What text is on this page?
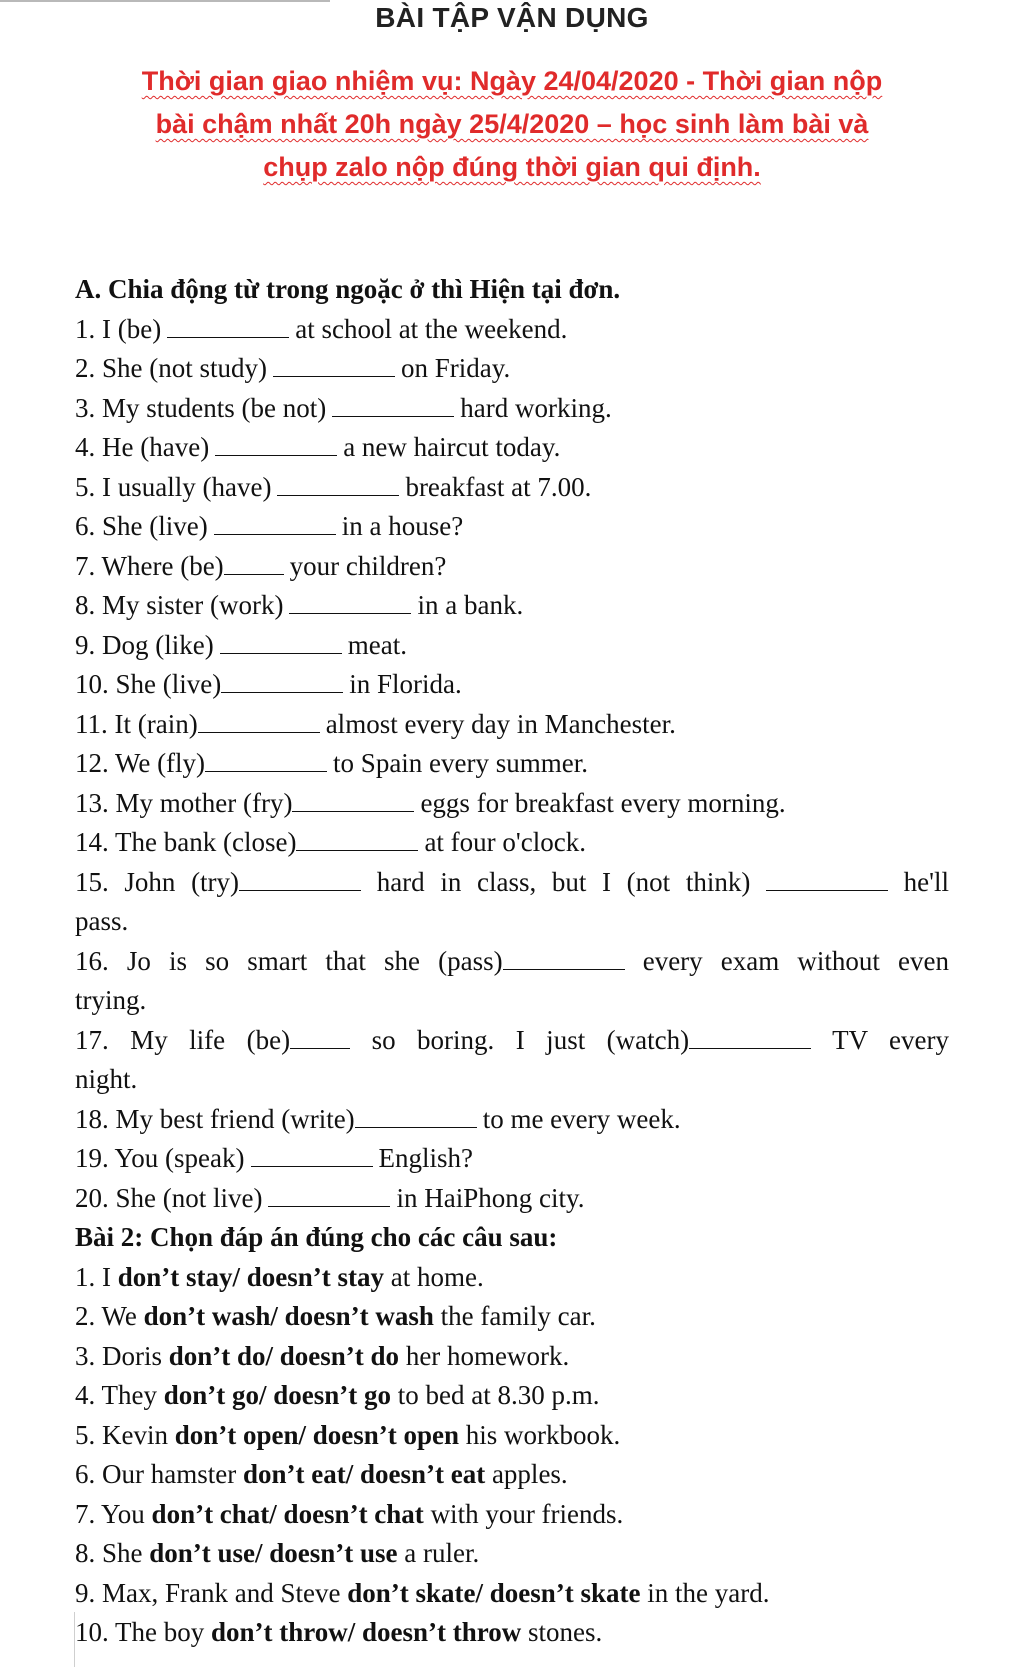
BÀI TẬP VẬN DỤNG
Thời gian giao nhiệm vụ: Ngày 24/04/2020 - Thời gian nộp
bài chậm nhất 20h ngày 25/4/2020 – học sinh làm bài và
chụp zalo nộp đúng thời gian qui định.
A. Chia động từ trong ngoặc ở thì Hiện tại đơn.
1. I (be)	at school at the weekend.
2. She (not study)	on Friday.
3. My students (be not)	hard working.
4. He (have)	a new haircut today.
5. I usually (have)	breakfast at 7.00.
6. She (live)	in a house?
7. Where (be) your children?
8. My sister (work)	in a bank.
9. Dog (like)	meat.
10. She (live)	in Florida.
11. It (rain)	almost every day in Manchester.
12. We (fly)	to Spain every summer.
13. My mother (fry)	eggs for breakfast every morning.
14. The bank (close)	at four o'clock.
15. John (try)	hard in class, but I (not think)	he'll
pass.
16. Jo is so smart that she (pass)	every exam without even
trying.
17. My life (be)	so boring. I just (watch)	TV every
night.
18. My best friend (write)	to me every week.
19. You (speak)	English?
20. She (not live)	in HaiPhong city.
Bài 2: Chọn đáp án đúng cho các câu sau:
1. I don’t stay/ doesn’t stay at home.
2. We don’t wash/ doesn’t wash the family car.
3. Doris don’t do/ doesn’t do her homework.
4. They don’t go/ doesn’t go to bed at 8.30 p.m.
5. Kevin don’t open/ doesn’t open his workbook.
6. Our hamster don’t eat/ doesn’t eat apples.
7. You don’t chat/ doesn’t chat with your friends.
8. She don’t use/ doesn’t use a ruler.
9. Max, Frank and Steve don’t skate/ doesn’t skate in the yard.
10. The boy don’t throw/ doesn’t throw stones.
